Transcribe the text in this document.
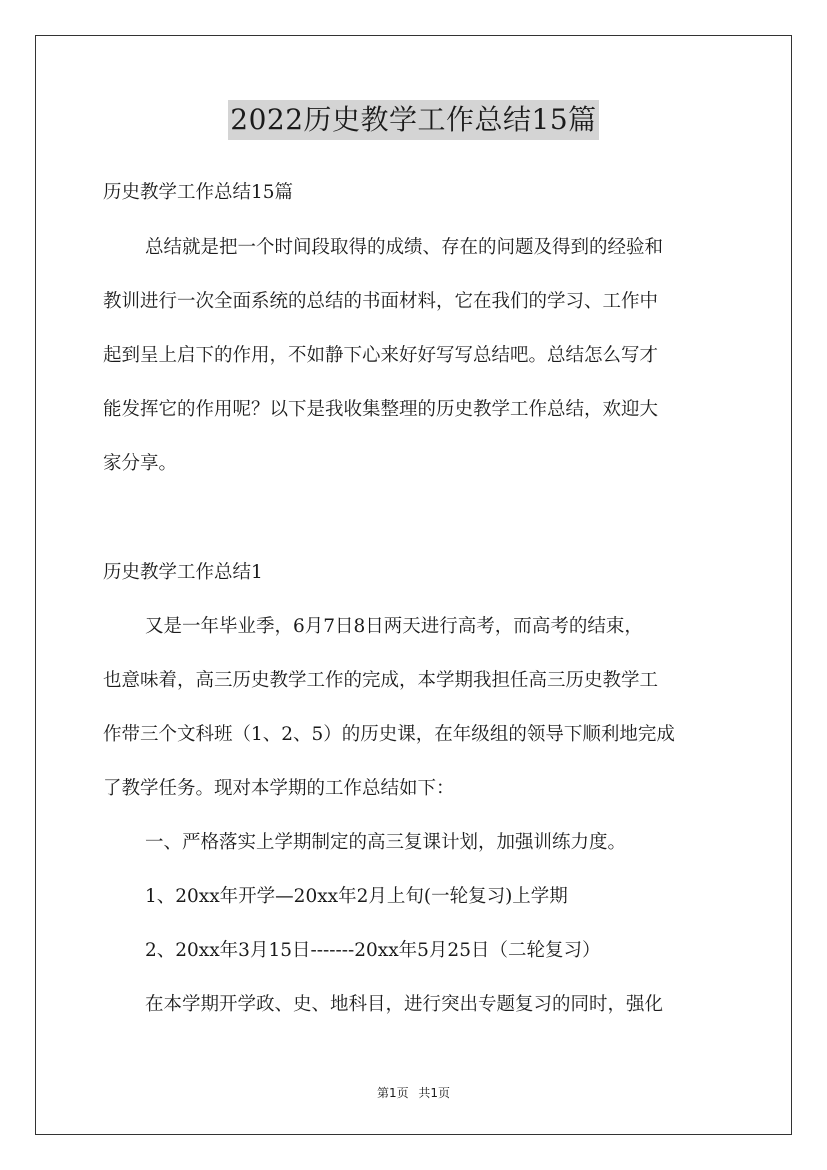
2022历史教学工作总结15篇
历史教学工作总结15篇
总结就是把一个时间段取得的成绩、存在的问题及得到的经验和
教训进行一次全面系统的总结的书面材料，它在我们的学习、工作中
起到呈上启下的作用，不如静下心来好好写写总结吧。总结怎么写才
能发挥它的作用呢？以下是我收集整理的历史教学工作总结，欢迎大
家分享。
历史教学工作总结1
又是一年毕业季，6月7日8日两天进行高考，而高考的结束，
也意味着，高三历史教学工作的完成，本学期我担任高三历史教学工
作带三个文科班（1、2、5）的历史课，在年级组的领导下顺利地完成
了教学任务。现对本学期的工作总结如下：
一、严格落实上学期制定的高三复课计划，加强训练力度。
1、20xx年开学—20xx年2月上旬(一轮复习)上学期
2、20xx年3月15日-------20xx年5月25日（二轮复习）
在本学期开学政、史、地科目，进行突出专题复习的同时，强化
第1页 共1页
